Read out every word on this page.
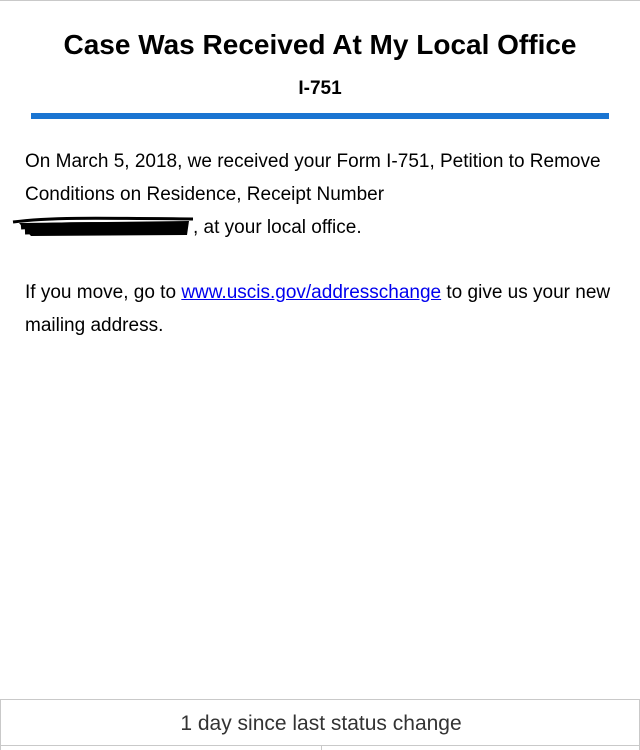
Case Was Received At My Local Office
I-751
On March 5, 2018, we received your Form I-751, Petition to Remove Conditions on Residence, Receipt Number

, at your local office.
If you move, go to www.uscis.gov/addresschange to give us your new mailing address.
1 day since last status change
